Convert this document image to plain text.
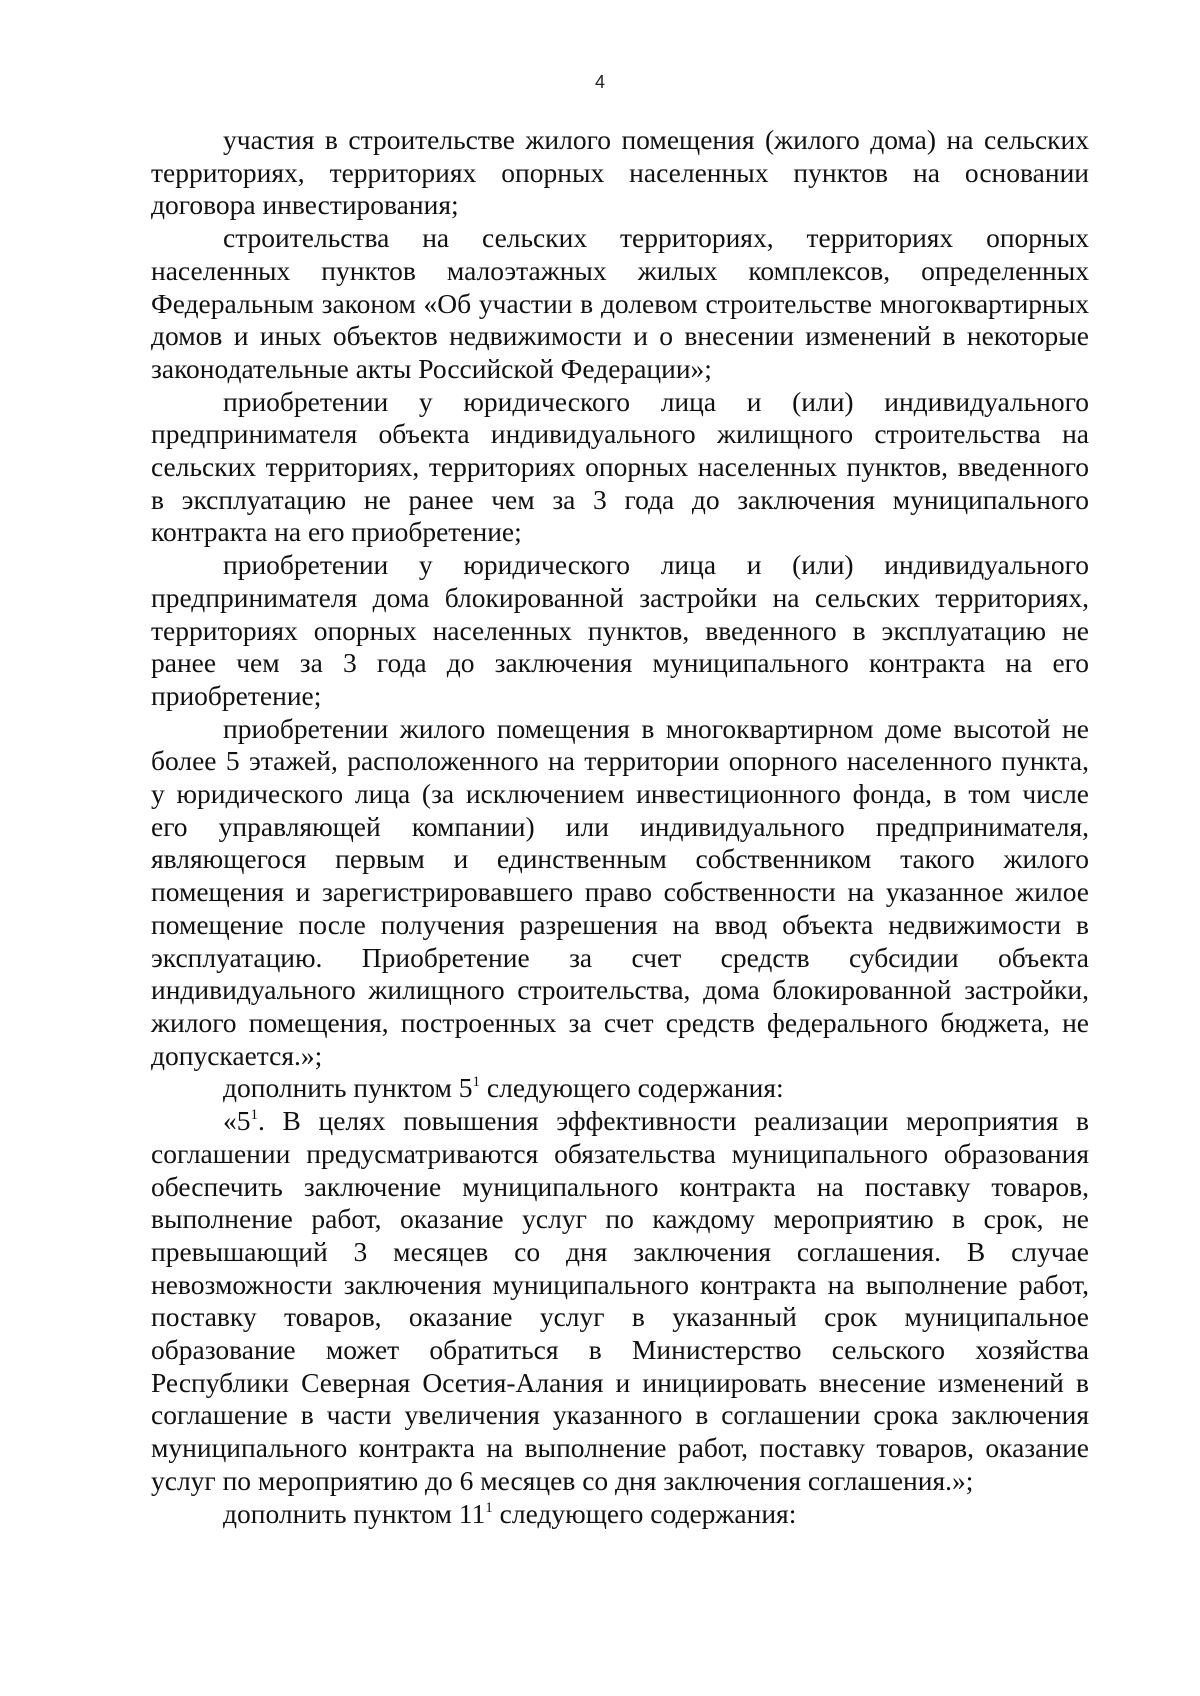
4

участия в строительстве жилого помещения (жилого дома) на сельских территориях, территориях опорных населенных пунктов на основании договора инвестирования;

строительства на сельских территориях, территориях опорных населенных пунктов малоэтажных жилых комплексов, определенных Федеральным законом «Об участии в долевом строительстве многоквартирных домов и иных объектов недвижимости и о внесении изменений в некоторые законодательные акты Российской Федерации»;

приобретении у юридического лица и (или) индивидуального предпринимателя объекта индивидуального жилищного строительства на сельских территориях, территориях опорных населенных пунктов, введенного в эксплуатацию не ранее чем за 3 года до заключения муниципального контракта на его приобретение;

приобретении у юридического лица и (или) индивидуального предпринимателя дома блокированной застройки на сельских территориях, территориях опорных населенных пунктов, введенного в эксплуатацию не ранее чем за 3 года до заключения муниципального контракта на его приобретение;

приобретении жилого помещения в многоквартирном доме высотой не более 5 этажей, расположенного на территории опорного населенного пункта, у юридического лица (за исключением инвестиционного фонда, в том числе его управляющей компании) или индивидуального предпринимателя, являющегося первым и единственным собственником такого жилого помещения и зарегистрировавшего право собственности на указанное жилое помещение после получения разрешения на ввод объекта недвижимости в эксплуатацию. Приобретение за счет средств субсидии объекта индивидуального жилищного строительства, дома блокированной застройки, жилого помещения, построенных за счет средств федерального бюджета, не допускается.»;

дополнить пунктом $5^1$ следующего содержания:

«$5^1$. В целях повышения эффективности реализации мероприятия в соглашении предусматриваются обязательства муниципального образования обеспечить заключение муниципального контракта на поставку товаров, выполнение работ, оказание услуг по каждому мероприятию в срок, не превышающий 3 месяцев со дня заключения соглашения. В случае невозможности заключения муниципального контракта на выполнение работ, поставку товаров, оказание услуг в указанный срок муниципальное образование может обратиться в Министерство сельского хозяйства Республики Северная Осетия-Алания и инициировать внесение изменений в соглашение в части увеличения указанного в соглашении срока заключения муниципального контракта на выполнение работ, поставку товаров, оказание услуг по мероприятию до 6 месяцев со дня заключения соглашения.»;

дополнить пунктом $11^1$ следующего содержания:
